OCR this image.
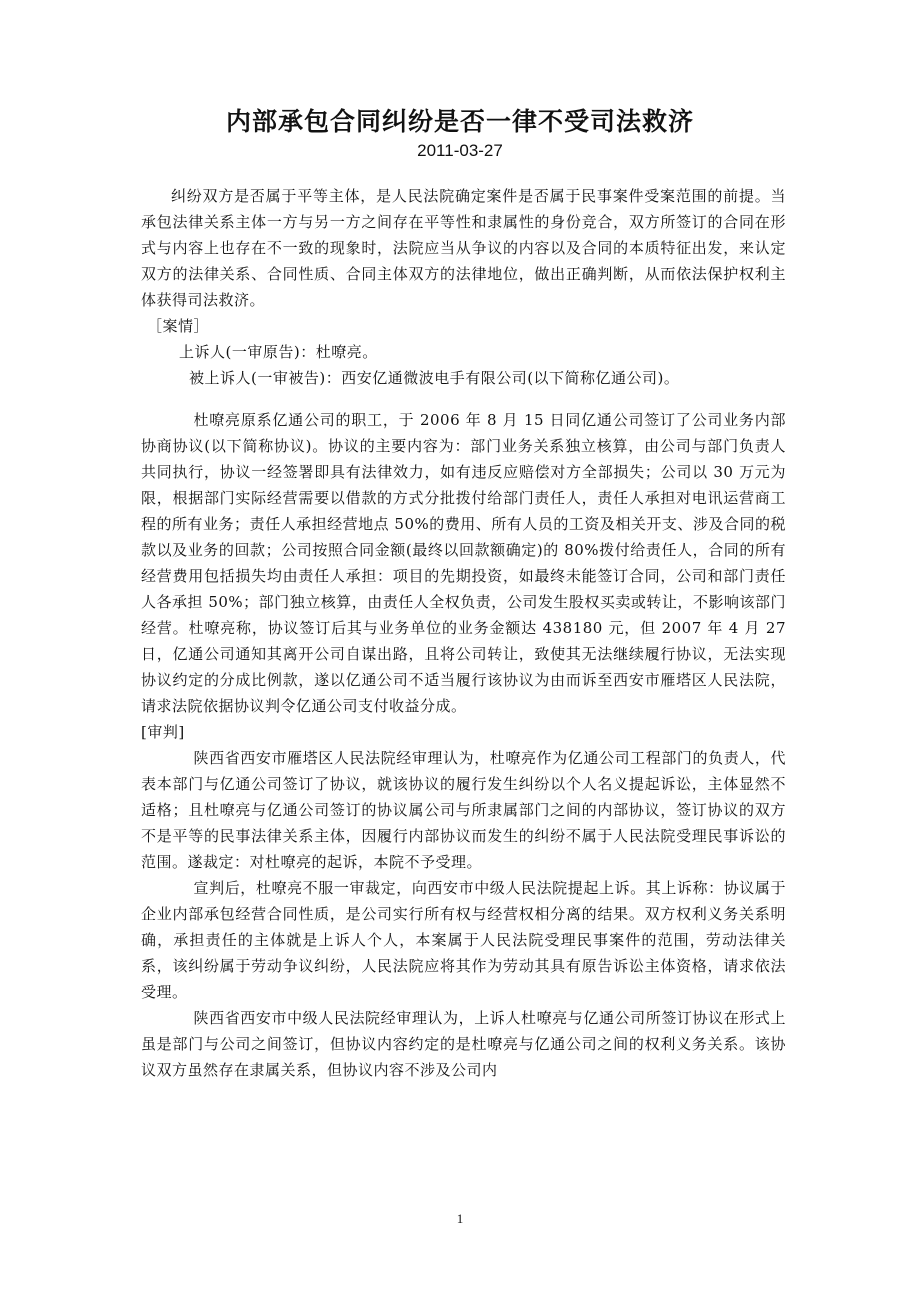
内部承包合同纠纷是否一律不受司法救济
2011-03-27

纠纷双方是否属于平等主体，是人民法院确定案件是否属于民事案件受案范围的前提。当承包法律关系主体一方与另一方之间存在平等性和隶属性的身份竞合，双方所签订的合同在形式与内容上也存在不一致的现象时，法院应当从争议的内容以及合同的本质特征出发，来认定双方的法律关系、合同性质、合同主体双方的法律地位，做出正确判断，从而依法保护权利主体获得司法救济。

［案情］

上诉人(一审原告)：杜嘹亮。

被上诉人(一审被告)：西安亿通微波电手有限公司(以下简称亿通公司)。

杜嘹亮原系亿通公司的职工，于 2006 年 8 月 15 日同亿通公司签订了公司业务内部协商协议(以下简称协议)。协议的主要内容为：部门业务关系独立核算，由公司与部门负责人共同执行，协议一经签署即具有法律效力，如有违反应赔偿对方全部损失；公司以 30 万元为限，根据部门实际经营需要以借款的方式分批拨付给部门责任人，责任人承担对电讯运营商工程的所有业务；责任人承担经营地点 50%的费用、所有人员的工资及相关开支、涉及合同的税款以及业务的回款；公司按照合同金额(最终以回款额确定)的 80%拨付给责任人，合同的所有经营费用包括损失均由责任人承担：项目的先期投资，如最终未能签订合同，公司和部门责任人各承担 50%；部门独立核算，由责任人全权负责，公司发生股权买卖或转让，不影响该部门经营。杜嘹亮称，协议签订后其与业务单位的业务金额达 438180 元，但 2007 年 4 月 27 日，亿通公司通知其离开公司自谋出路，且将公司转让，致使其无法继续履行协议，无法实现协议约定的分成比例款，遂以亿通公司不适当履行该协议为由而诉至西安市雁塔区人民法院，请求法院依据协议判令亿通公司支付收益分成。

[审判]

陕西省西安市雁塔区人民法院经审理认为，杜嘹亮作为亿通公司工程部门的负责人，代表本部门与亿通公司签订了协议，就该协议的履行发生纠纷以个人名义提起诉讼，主体显然不适格；且杜嘹亮与亿通公司签订的协议属公司与所隶属部门之间的内部协议，签订协议的双方不是平等的民事法律关系主体，因履行内部协议而发生的纠纷不属于人民法院受理民事诉讼的范围。遂裁定：对杜嘹亮的起诉，本院不予受理。

宣判后，杜嘹亮不服一审裁定，向西安市中级人民法院提起上诉。其上诉称：协议属于企业内部承包经营合同性质，是公司实行所有权与经营权相分离的结果。双方权利义务关系明确，承担责任的主体就是上诉人个人，本案属于人民法院受理民事案件的范围，劳动法律关系，该纠纷属于劳动争议纠纷，人民法院应将其作为劳动其具有原告诉讼主体资格，请求依法受理。

陕西省西安市中级人民法院经审理认为，上诉人杜嘹亮与亿通公司所签订协议在形式上虽是部门与公司之间签订，但协议内容约定的是杜嘹亮与亿通公司之间的权利义务关系。该协议双方虽然存在隶属关系，但协议内容不涉及公司内

1
